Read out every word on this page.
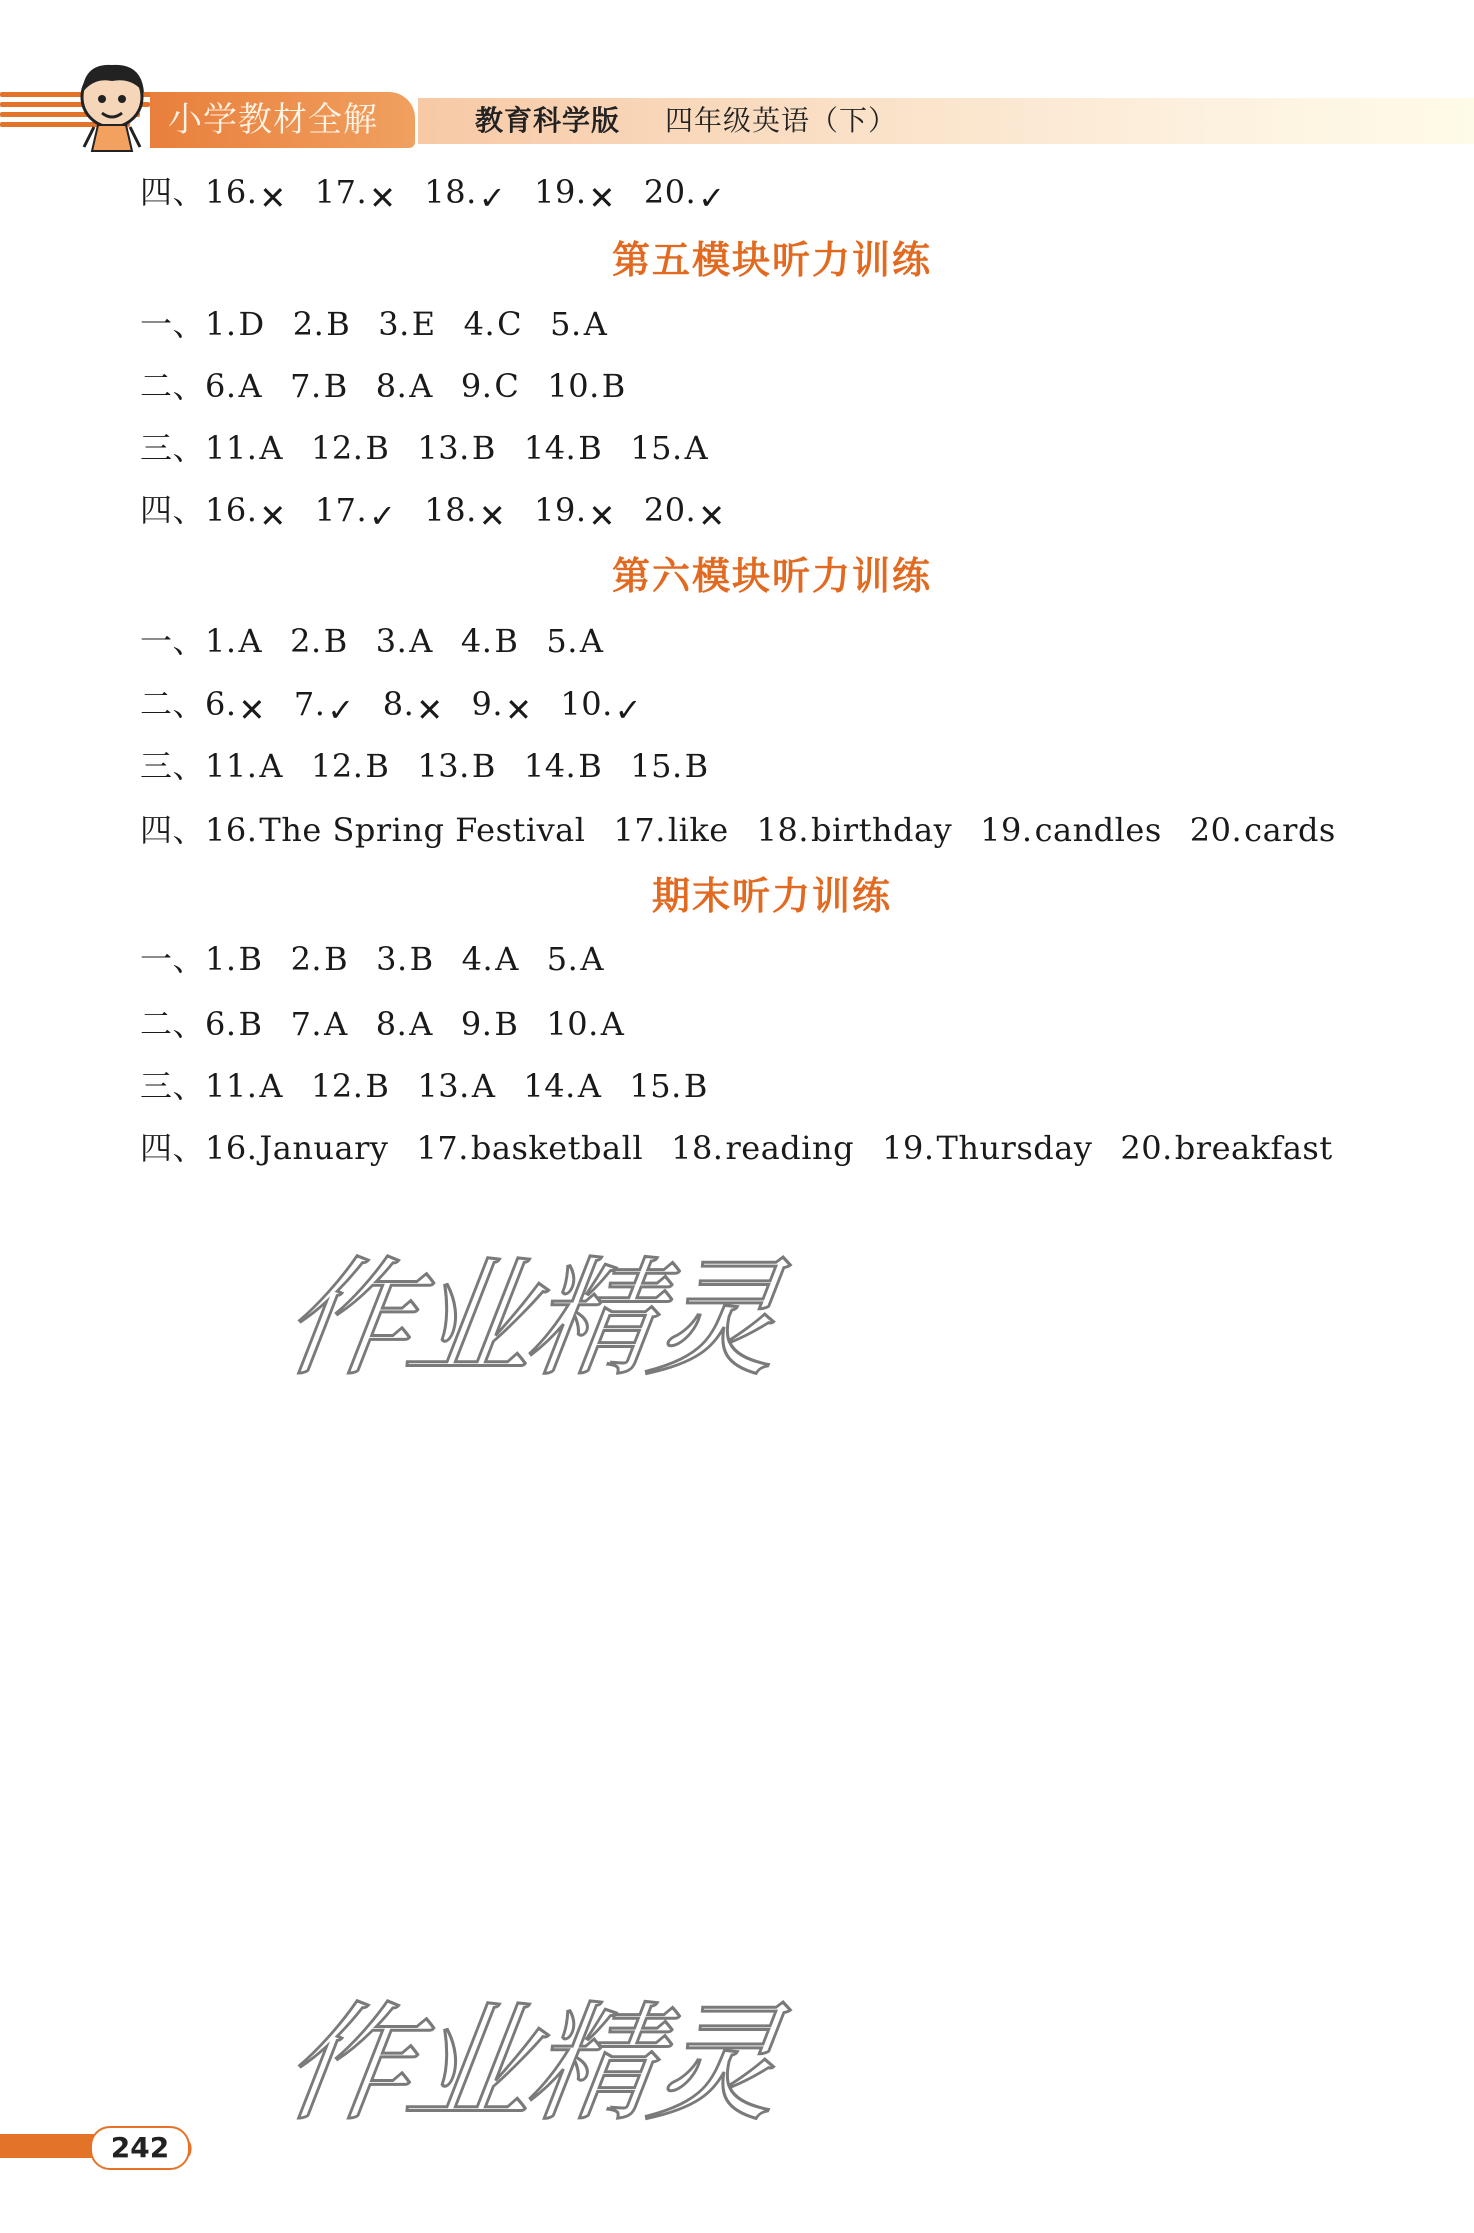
小学教材全解	教育科学版 四年级英语（下）
四、16.✕ 17.✕ 18.✓ 19.✕ 20.✓
第五模块听力训练
一、1.D 2.B 3.E 4.C 5.A
二、6.A 7.B 8.A 9.C 10.B
三、11.A 12.B 13.B 14.B 15.A
四、16.✕ 17.✓ 18.✕ 19.✕ 20.✕
第六模块听力训练
一、1.A 2.B 3.A 4.B 5.A
二、6.✕ 7.✓ 8.✕ 9.✕ 10.✓
三、11.A 12.B 13.B 14.B 15.B
四、16.The Spring Festival 17.like 18.birthday 19.candles 20.cards
期末听力训练
一、1.B 2.B 3.B 4.A 5.A
二、6.B 7.A 8.A 9.B 10.A
三、11.A 12.B 13.A 14.A 15.B
四、16.January 17.basketball 18.reading 19.Thursday 20.breakfast
作业精灵
作业精灵
242
